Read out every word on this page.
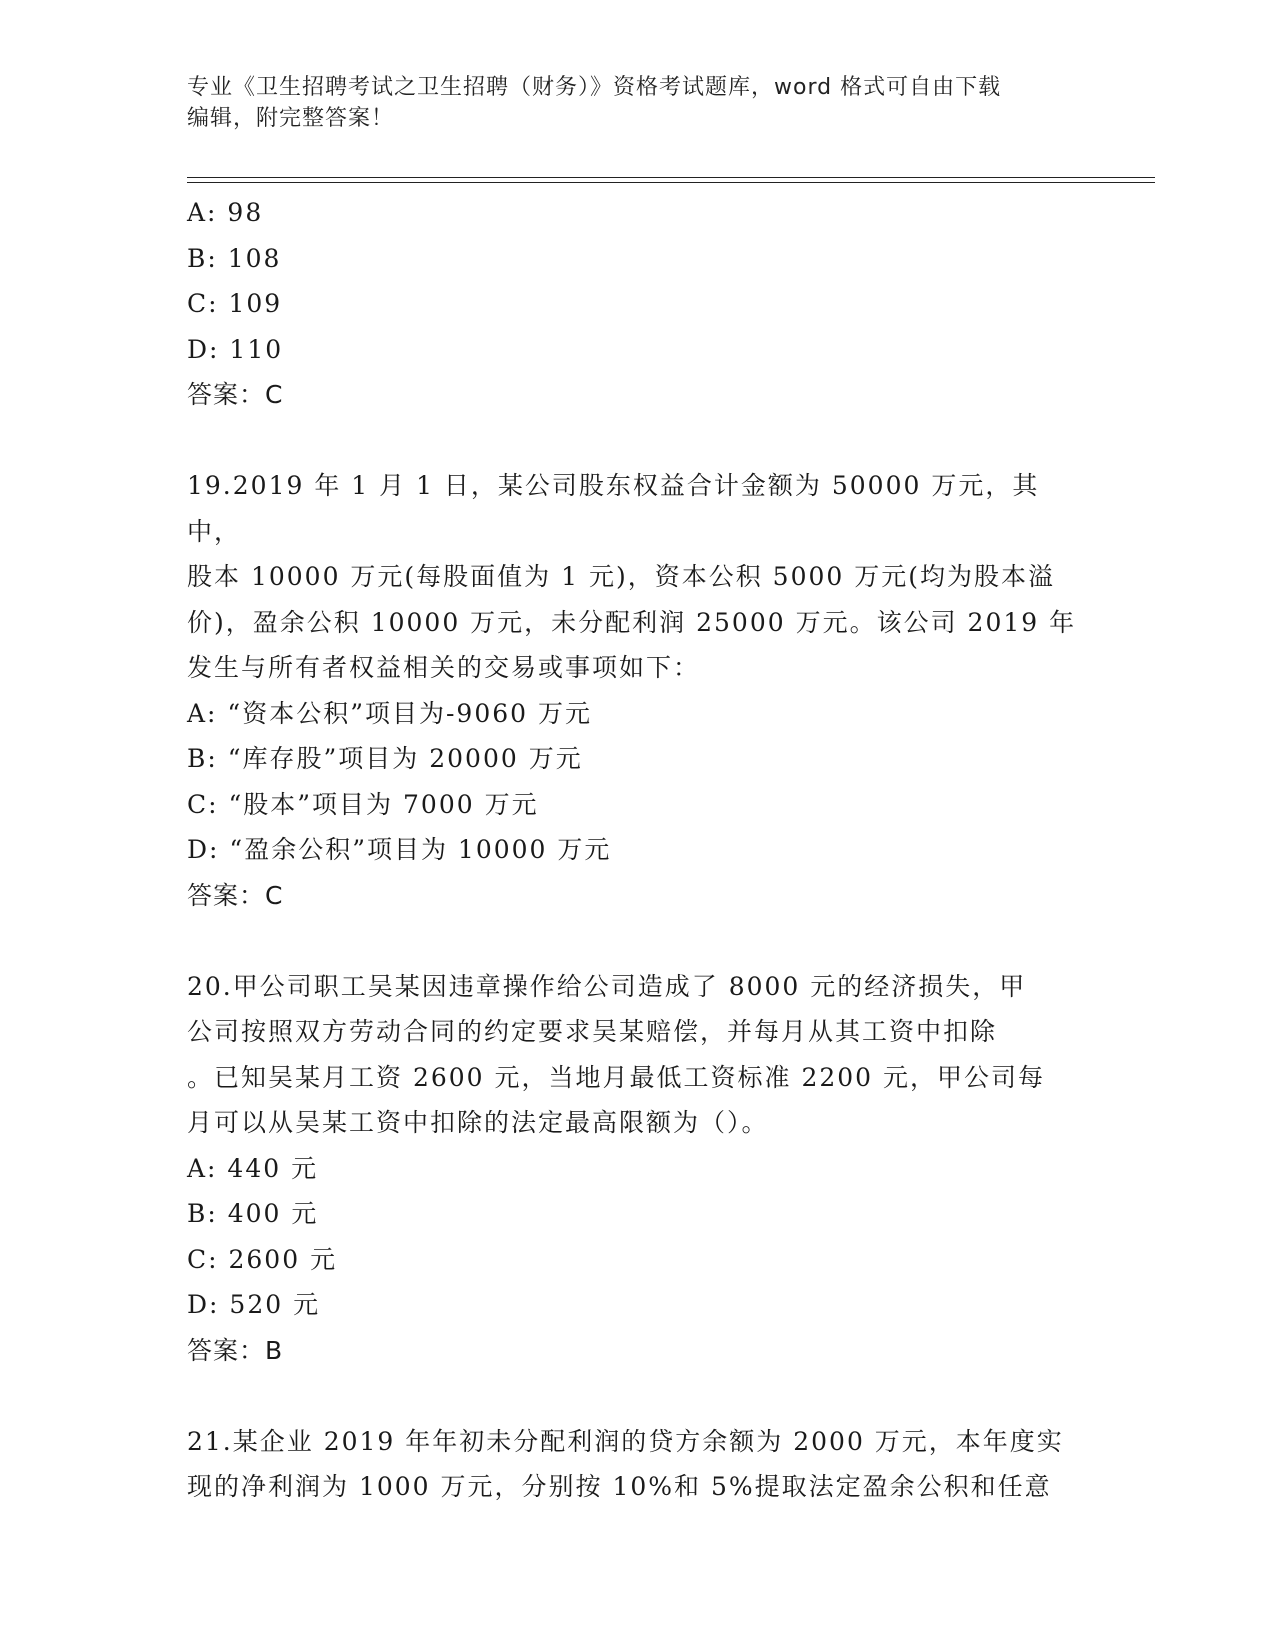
专业《卫生招聘考试之卫生招聘（财务）》资格考试题库，word 格式可自由下载
编辑，附完整答案！
A: 98
B: 108
C: 109
D: 110
答案：C
19.2019 年 1 月 1 日，某公司股东权益合计金额为 50000 万元，其中，
股本 10000 万元(每股面值为 1 元)，资本公积 5000 万元(均为股本溢
价)，盈余公积 10000 万元，未分配利润 25000 万元。该公司 2019 年
发生与所有者权益相关的交易或事项如下：
A: “资本公积”项目为-9060 万元
B: “库存股”项目为 20000 万元
C: “股本”项目为 7000 万元
D: “盈余公积”项目为 10000 万元
答案：C
20.甲公司职工吴某因违章操作给公司造成了 8000 元的经济损失，甲
公司按照双方劳动合同的约定要求吴某赔偿，并每月从其工资中扣除
。已知吴某月工资 2600 元，当地月最低工资标准 2200 元，甲公司每
月可以从吴某工资中扣除的法定最高限额为（）。
A: 440 元
B: 400 元
C: 2600 元
D: 520 元
答案：B
21.某企业 2019 年年初未分配利润的贷方余额为 2000 万元，本年度实
现的净利润为 1000 万元，分别按 10%和 5%提取法定盈余公积和任意
